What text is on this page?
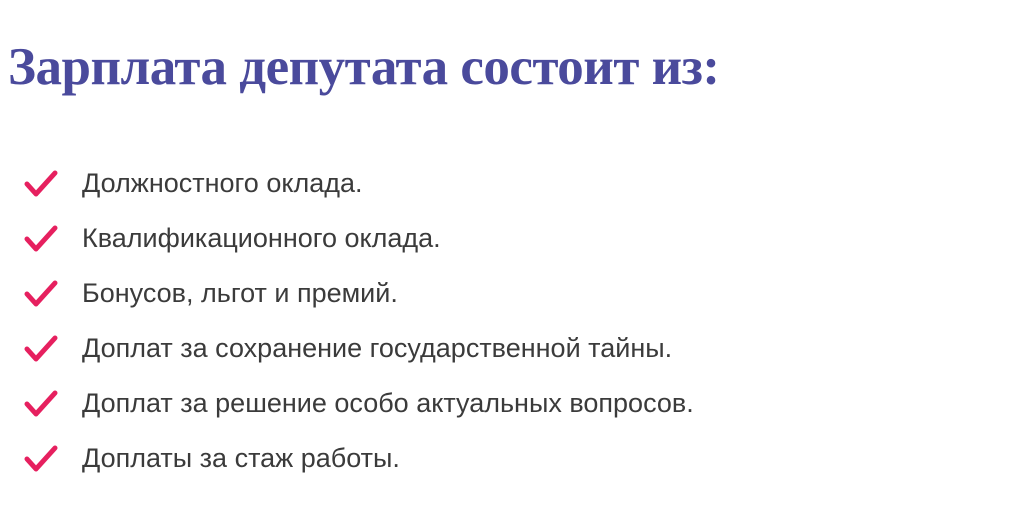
Зарплата депутата состоит из:
Должностного оклада.
Квалификационного оклада.
Бонусов, льгот и премий.
Доплат за сохранение государственной тайны.
Доплат за решение особо актуальных вопросов.
Доплаты за стаж работы.
